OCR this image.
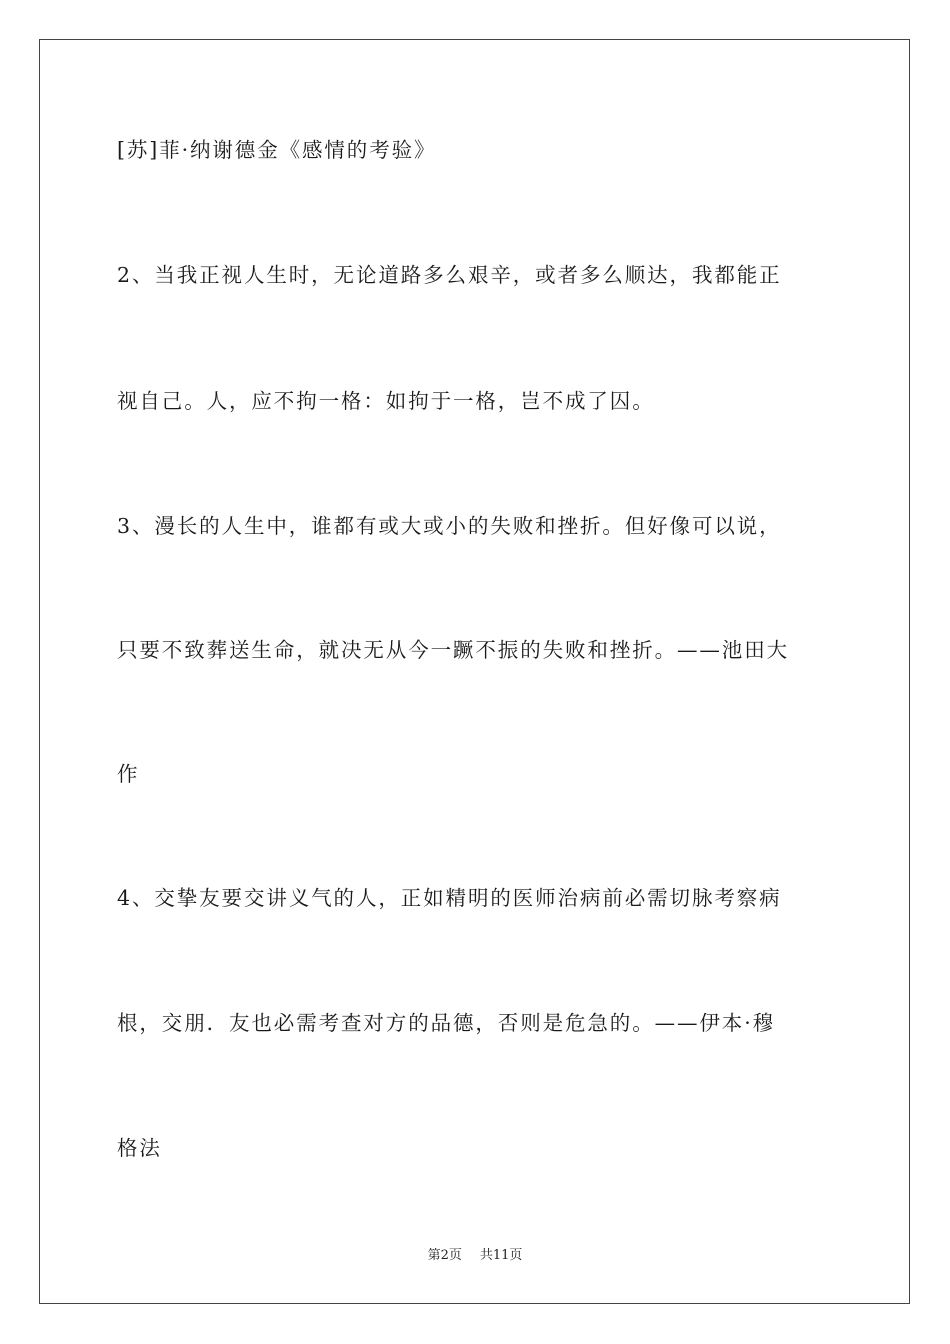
[苏]菲·纳谢德金《感情的考验》
2、当我正视人生时，无论道路多么艰辛，或者多么顺达，我都能正
视自己。人，应不拘一格：如拘于一格，岂不成了囚。
3、漫长的人生中，谁都有或大或小的失败和挫折。但好像可以说，
只要不致葬送生命，就决无从今一蹶不振的失败和挫折。——池田大
作
4、交挚友要交讲义气的人，正如精明的医师治病前必需切脉考察病
根，交朋．友也必需考查对方的品德，否则是危急的。——伊本·穆
格法
第2页 共11页
